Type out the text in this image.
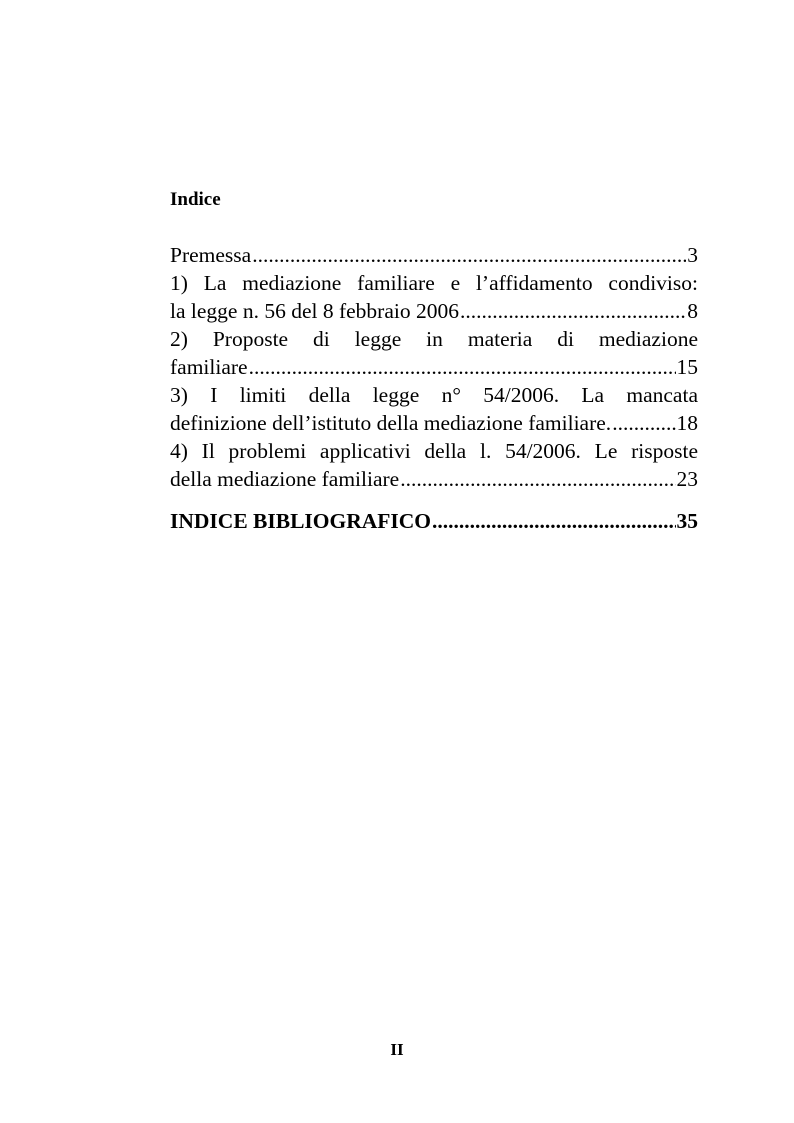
Indice
Premessa .....	3
1) La mediazione familiare e l’affidamento condiviso:
la legge n. 56 del 8 febbraio 2006 .....	8
2) Proposte di legge in materia di mediazione
familiare .....	15
3) I limiti della legge n° 54/2006. La mancata
definizione dell’istituto della mediazione familiare. .....	18
4) Il problemi applicativi della l. 54/2006. Le risposte
della mediazione familiare .....	23
INDICE BIBLIOGRAFICO .....	35
II
